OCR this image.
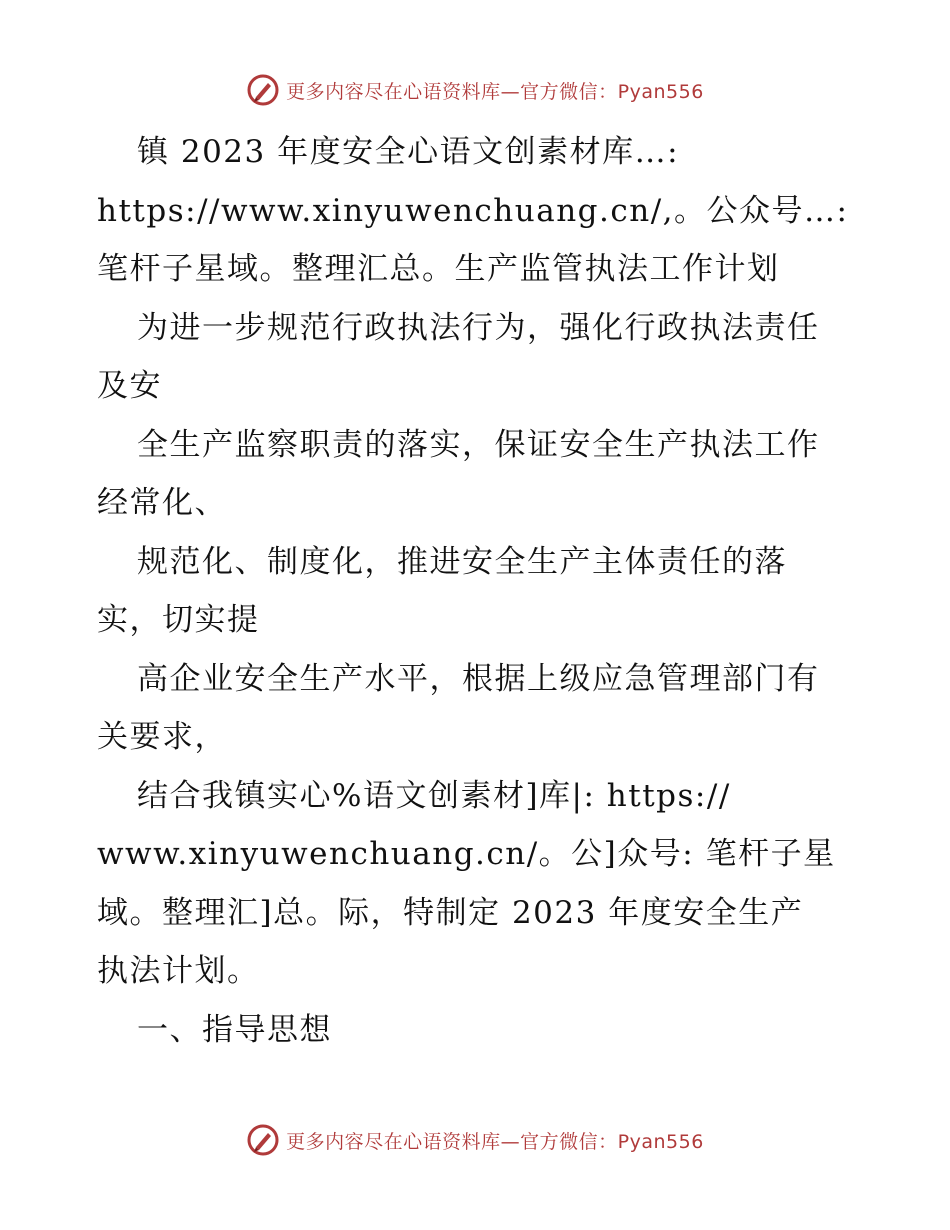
更多内容尽在心语资料库—官方微信：Pyan556
镇 2023 年度安全心语文创素材库…:
https://www.xinyuwenchuang.cn/,。公众号…:
笔杆子星域。整理汇总。生产监管执法工作计划
为进一步规范行政执法行为，强化行政执法责任
及安
全生产监察职责的落实，保证安全生产执法工作
经常化、
规范化、制度化，推进安全生产主体责任的落
实，切实提
高企业安全生产水平，根据上级应急管理部门有
关要求，
结合我镇实心%语文创素材]库|: https://
www.xinyuwenchuang.cn/。公]众号: 笔杆子星
域。整理汇]总。际，特制定 2023 年度安全生产
执法计划。
一、指导思想
更多内容尽在心语资料库—官方微信：Pyan556
